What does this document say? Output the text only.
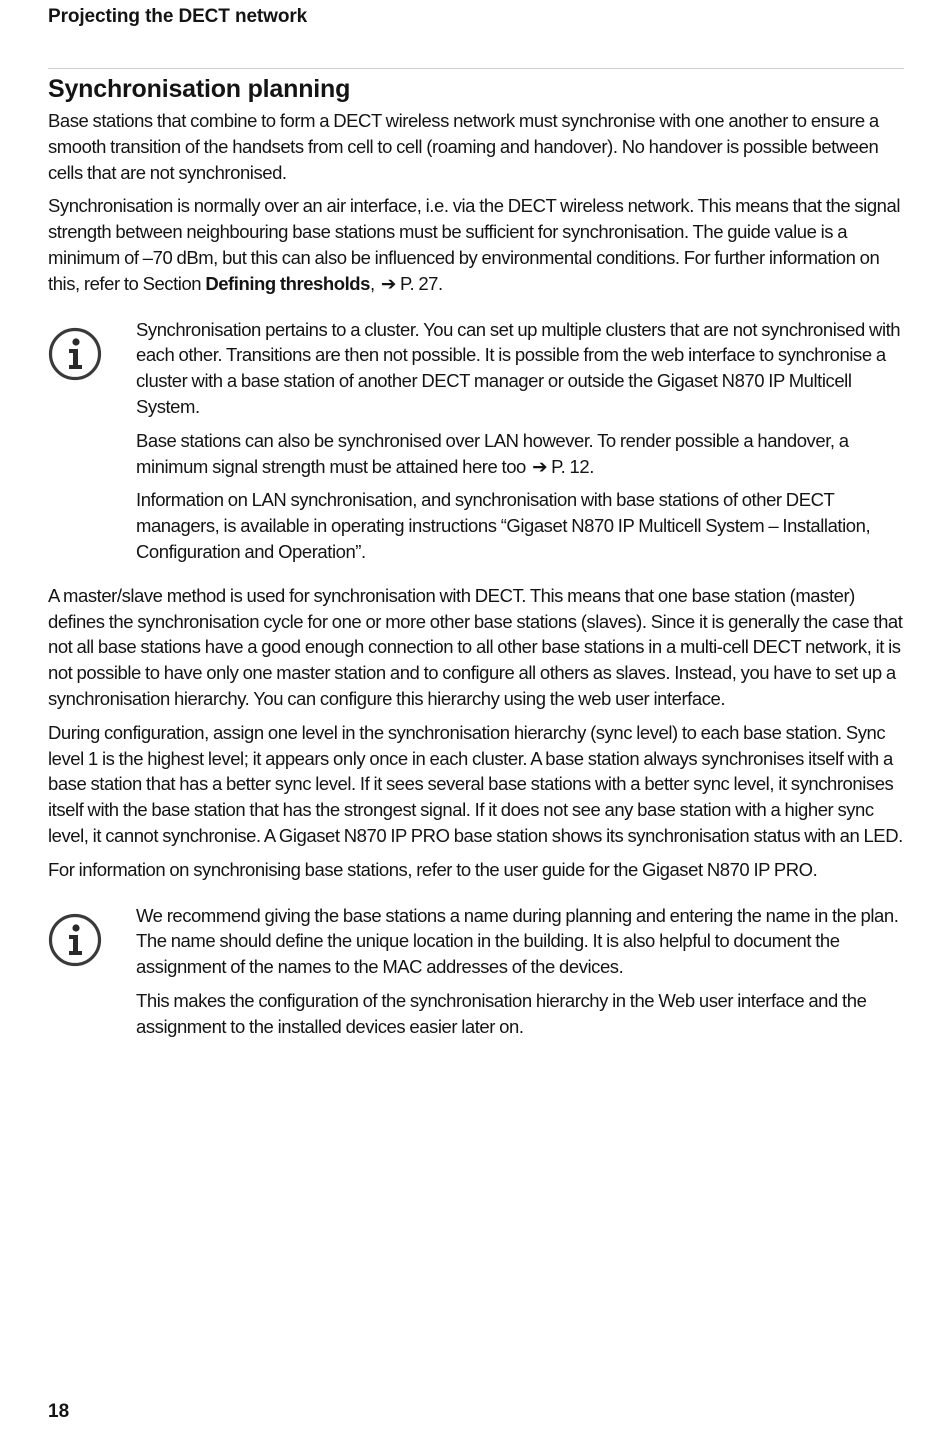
Projecting the DECT network
Synchronisation planning

Base stations that combine to form a DECT wireless network must synchronise with one another to ensure a smooth transition of the handsets from cell to cell (roaming and handover). No handover is possible between cells that are not synchronised.

Synchronisation is normally over an air interface, i.e. via the DECT wireless network. This means that the signal strength between neighbouring base stations must be sufficient for synchronisation. The guide value is a minimum of –70 dBm, but this can also be influenced by environmental conditions. For further information on this, refer to Section Defining thresholds, ➔ P. 27.

Synchronisation pertains to a cluster. You can set up multiple clusters that are not synchronised with each other. Transitions are then not possible. It is possible from the web interface to synchronise a cluster with a base station of another DECT manager or outside the Gigaset N870 IP Multicell System.

Base stations can also be synchronised over LAN however. To render possible a handover, a minimum signal strength must be attained here too ➔ P. 12.

Information on LAN synchronisation, and synchronisation with base stations of other DECT managers, is available in operating instructions “Gigaset N870 IP Multicell System – Installation, Configuration and Operation”.

A master/slave method is used for synchronisation with DECT. This means that one base station (master) defines the synchronisation cycle for one or more other base stations (slaves). Since it is generally the case that not all base stations have a good enough connection to all other base stations in a multi-cell DECT network, it is not possible to have only one master station and to configure all others as slaves. Instead, you have to set up a synchronisation hierarchy. You can configure this hierarchy using the web user interface.

During configuration, assign one level in the synchronisation hierarchy (sync level) to each base station. Sync level 1 is the highest level; it appears only once in each cluster. A base station always synchronises itself with a base station that has a better sync level. If it sees several base stations with a better sync level, it synchronises itself with the base station that has the strongest signal. If it does not see any base station with a higher sync level, it cannot synchronise. A Gigaset N870 IP PRO base station shows its synchronisation status with an LED.

For information on synchronising base stations, refer to the user guide for the Gigaset N870 IP PRO.

We recommend giving the base stations a name during planning and entering the name in the plan. The name should define the unique location in the building. It is also helpful to document the assignment of the names to the MAC addresses of the devices.

This makes the configuration of the synchronisation hierarchy in the Web user interface and the assignment to the installed devices easier later on.

18
